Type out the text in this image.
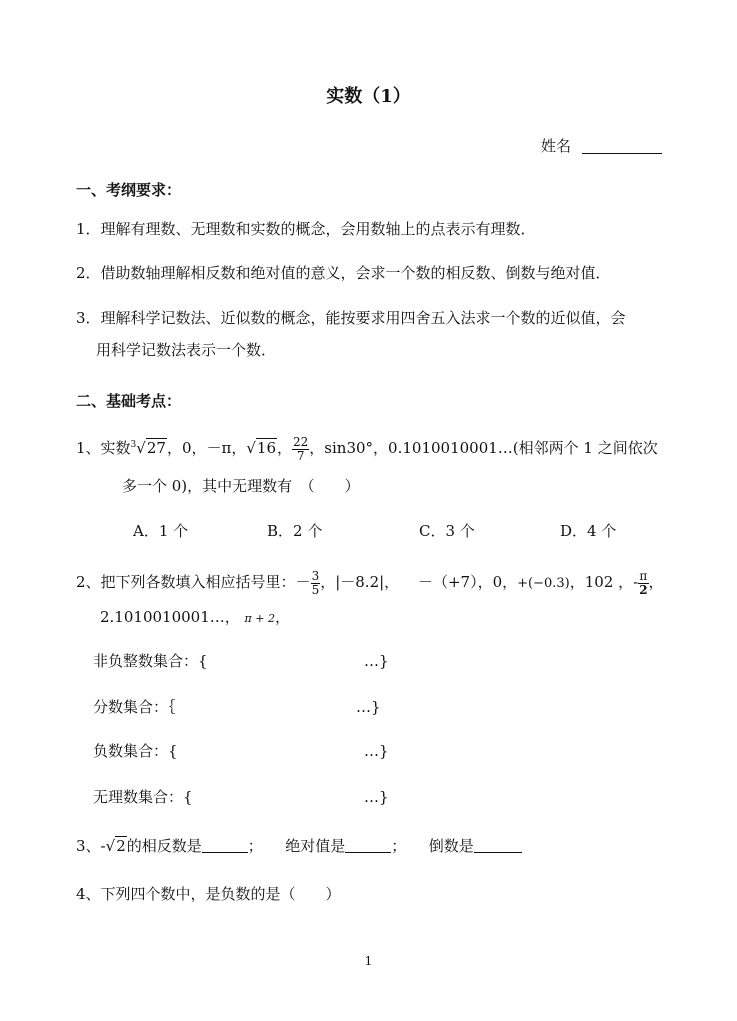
实数（1）
姓名
一、考纲要求：
1．理解有理数、无理数和实数的概念，会用数轴上的点表示有理数．
2．借助数轴理解相反数和绝对值的意义，会求一个数的相反数、倒数与绝对值．
3．理解科学记数法、近似数的概念，能按要求用四舍五入法求一个数的近似值，会
用科学记数法表示一个数．
二、基础考点：
1、实数$^3$√27，0，－π，√16， $\frac{22}{7}$ ，sin30°，0.1010010001…(相邻两个 1 之间依次
多一个 0)，其中无理数有　（　　）
A．1 个	B．2 个	C．3 个	D．4 个
2、把下列各数填入相应括号里：－ $\frac{3}{5}$ ，|－8.2|， －（+7），0，+(−0.3)，102 ，- $\frac{\pi}{2}$ ，
2.1010010001…， π + 2，
非负整数集合：{	…}
分数集合：｛	…}
负数集合：{	…}
无理数集合：{	…}
3、-√2的相反数是	；　　绝对值是	；　　倒数是
4、下列四个数中，是负数的是（　　）
1
